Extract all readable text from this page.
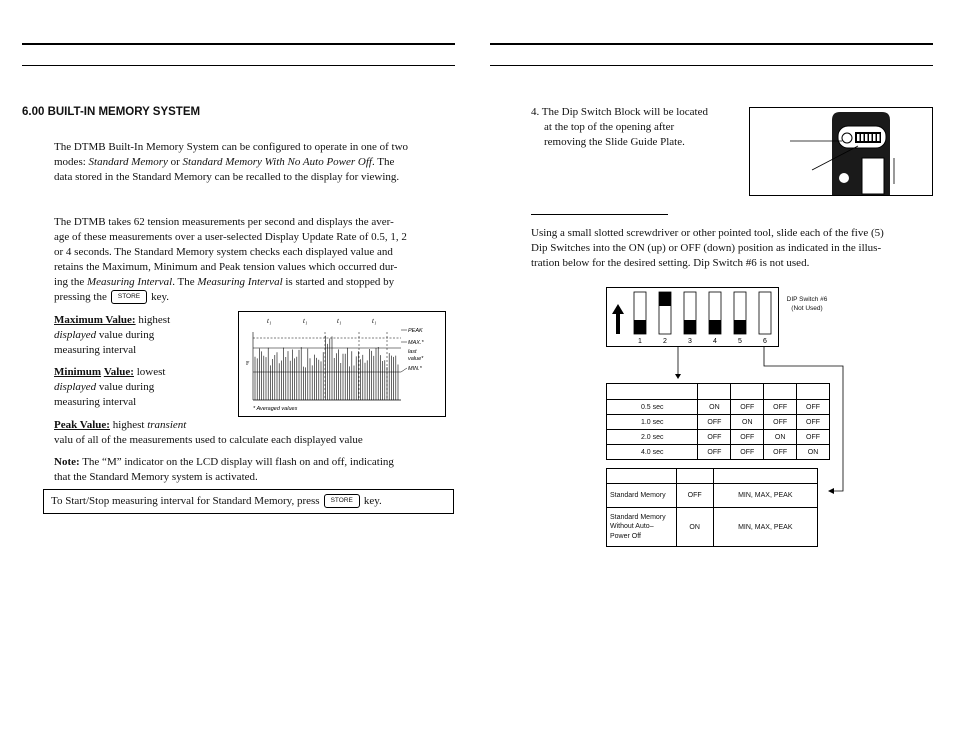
6.00 BUILT-IN MEMORY SYSTEM
The DTMB Built-In Memory System can be configured to operate in one of two
modes: Standard Memory or Standard Memory With No Auto Power Off. The
data stored in the Standard Memory can be recalled to the display for viewing.
The DTMB takes 62 tension measurements per second and displays the aver-
age of these measurements over a user-selected Display Update Rate of 0.5, 1, 2
or 4 seconds. The Standard Memory system checks each displayed value and
retains the Maximum, Minimum and Peak tension values which occurred dur-
ing the Measuring Interval. The Measuring Interval is started and stopped by
pressing the STORE key.
Maximum Value: highest
displayed value during
measuring interval
Minimum Value: lowest
displayed value during
measuring interval
Peak Value: highest transient
valu of all of the measurements used to calculate each displayed value
Note: The “M” indicator on the LCD display will flash on and off, indicating
that the Standard Memory system is activated.
To Start/Stop measuring interval for Standard Memory, press STORE key.
t₁	t₁	t₁	t₁
F
PEAK
MAX.*
last
value*
MIN.*
* Averaged values
4. The Dip Switch Block will be located
at the top of the opening after
removing the Slide Guide Plate.
Using a small slotted screwdriver or other pointed tool, slide each of the five (5)
Dip Switches into the ON (up) or OFF (down) position as indicated in the illus-
tration below for the desired setting. Dip Switch #6 is not used.
1	2	3	4	5	6
DIP Switch #6
(Not Used)

0.5 sec	ON	OFF	OFF	OFF
1.0 sec	OFF	ON	OFF	OFF
2.0 sec	OFF	OFF	ON	OFF
4.0 sec	OFF	OFF	OFF	ON

Standard Memory	OFF	MIN, MAX, PEAK
Standard Memory Without Auto– Power Off	ON	MIN, MAX, PEAK
